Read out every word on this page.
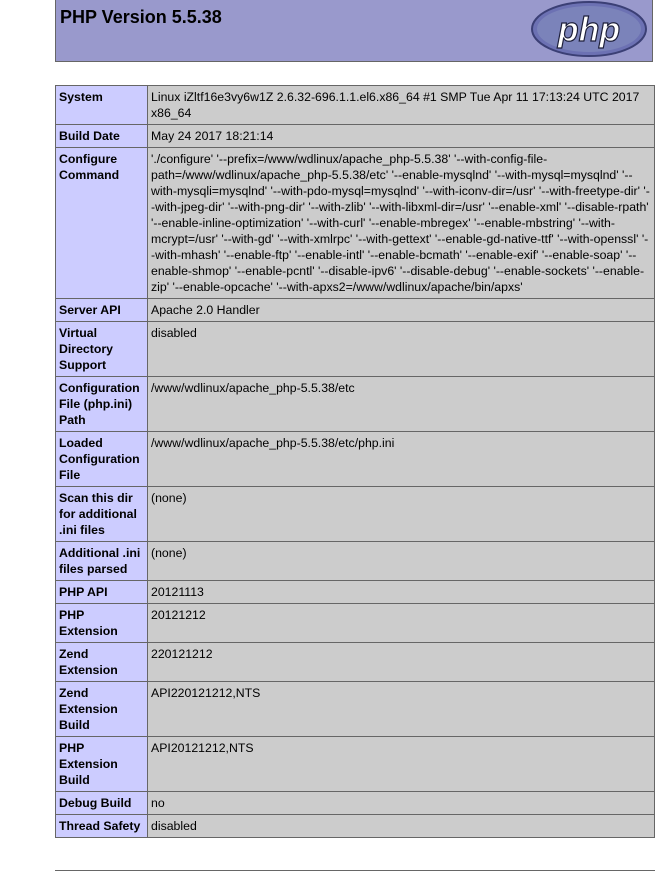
PHP Version 5.5.38	php
System	Linux iZltf16e3vy6w1Z 2.6.32-696.1.1.el6.x86_64 #1 SMP Tue Apr 11 17:13:24 UTC 2017 x86_64
Build Date	May 24 2017 18:21:14
Configure Command	'./configure' '--prefix=/www/wdlinux/apache_php-5.5.38' '--with-config-file-path=/www/wdlinux/apache_php-5.5.38/etc' '--enable-mysqlnd' '--with-mysql=mysqlnd' '--with-mysqli=mysqlnd' '--with-pdo-mysql=mysqlnd' '--with-iconv-dir=/usr' '--with-freetype-dir' '--with-jpeg-dir' '--with-png-dir' '--with-zlib' '--with-libxml-dir=/usr' '--enable-xml' '--disable-rpath' '--enable-inline-optimization' '--with-curl' '--enable-mbregex' '--enable-mbstring' '--with-mcrypt=/usr' '--with-gd' '--with-xmlrpc' '--with-gettext' '--enable-gd-native-ttf' '--with-openssl' '--with-mhash' '--enable-ftp' '--enable-intl' '--enable-bcmath' '--enable-exif' '--enable-soap' '--enable-shmop' '--enable-pcntl' '--disable-ipv6' '--disable-debug' '--enable-sockets' '--enable-zip' '--enable-opcache' '--with-apxs2=/www/wdlinux/apache/bin/apxs'
Server API	Apache 2.0 Handler
Virtual Directory Support	disabled
Configuration File (php.ini) Path	/www/wdlinux/apache_php-5.5.38/etc
Loaded Configuration File	/www/wdlinux/apache_php-5.5.38/etc/php.ini
Scan this dir for additional .ini files	(none)
Additional .ini files parsed	(none)
PHP API	20121113
PHP Extension	20121212
Zend Extension	220121212
Zend Extension Build	API220121212,NTS
PHP Extension Build	API20121212,NTS
Debug Build	no
Thread Safety	disabled
